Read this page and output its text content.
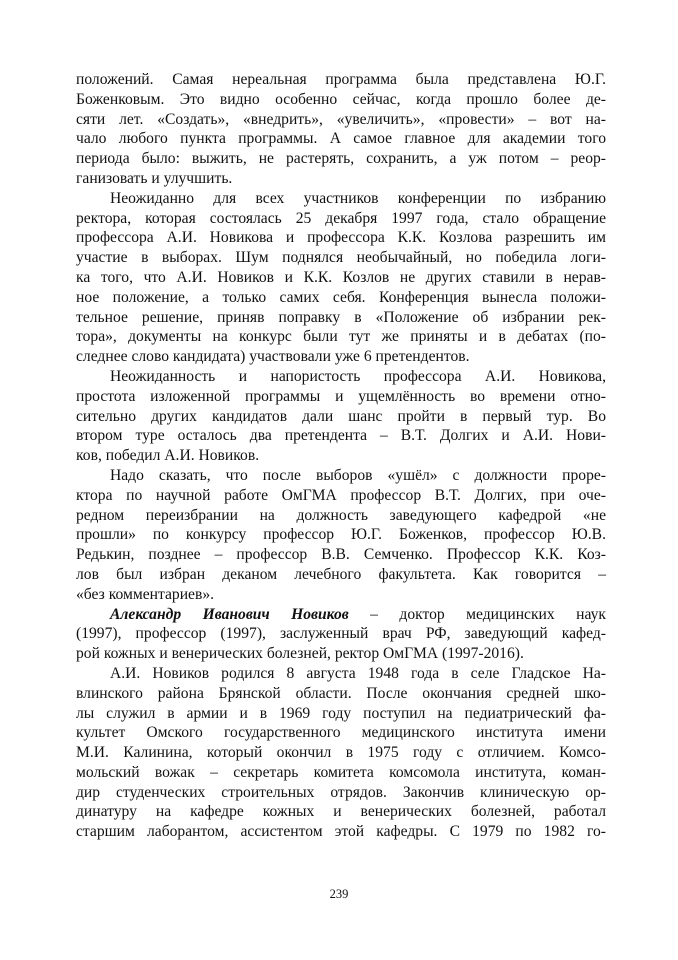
положений. Самая нереальная программа была представлена Ю.Г.
Боженковым. Это видно особенно сейчас, когда прошло более де-
сяти лет. «Создать», «внедрить», «увеличить», «провести» – вот на-
чало любого пункта программы. А самое главное для академии того
периода было: выжить, не растерять, сохранить, а уж потом – реор-
ганизовать и улучшить.
Неожиданно для всех участников конференции по избранию
ректора, которая состоялась 25 декабря 1997 года, стало обращение
профессора А.И. Новикова и профессора К.К. Козлова разрешить им
участие в выборах. Шум поднялся необычайный, но победила логи-
ка того, что А.И. Новиков и К.К. Козлов не других ставили в нерав-
ное положение, а только самих себя. Конференция вынесла положи-
тельное решение, приняв поправку в «Положение об избрании рек-
тора», документы на конкурс были тут же приняты и в дебатах (по-
следнее слово кандидата) участвовали уже 6 претендентов.
Неожиданность и напористость профессора А.И. Новикова,
простота изложенной программы и ущемлённость во времени отно-
сительно других кандидатов дали шанс пройти в первый тур. Во
втором туре осталось два претендента – В.Т. Долгих и А.И. Нови-
ков, победил А.И. Новиков.
Надо сказать, что после выборов «ушёл» с должности проре-
ктора по научной работе ОмГМА профессор В.Т. Долгих, при оче-
редном переизбрании на должность заведующего кафедрой «не
прошли» по конкурсу профессор Ю.Г. Боженков, профессор Ю.В.
Редькин, позднее – профессор В.В. Семченко. Профессор К.К. Коз-
лов был избран деканом лечебного факультета. Как говорится –
«без комментариев».
Александр Иванович Новиков – доктор медицинских наук
(1997), профессор (1997), заслуженный врач РФ, заведующий кафед-
рой кожных и венерических болезней, ректор ОмГМА (1997-2016).
А.И. Новиков родился 8 августа 1948 года в селе Гладское На-
влинского района Брянской области. После окончания средней шко-
лы служил в армии и в 1969 году поступил на педиатрический фа-
культет Омского государственного медицинского института имени
М.И. Калинина, который окончил в 1975 году с отличием. Комсо-
мольский вожак – секретарь комитета комсомола института, коман-
дир студенческих строительных отрядов. Закончив клиническую ор-
динатуру на кафедре кожных и венерических болезней, работал
старшим лаборантом, ассистентом этой кафедры. С 1979 по 1982 го-
239
